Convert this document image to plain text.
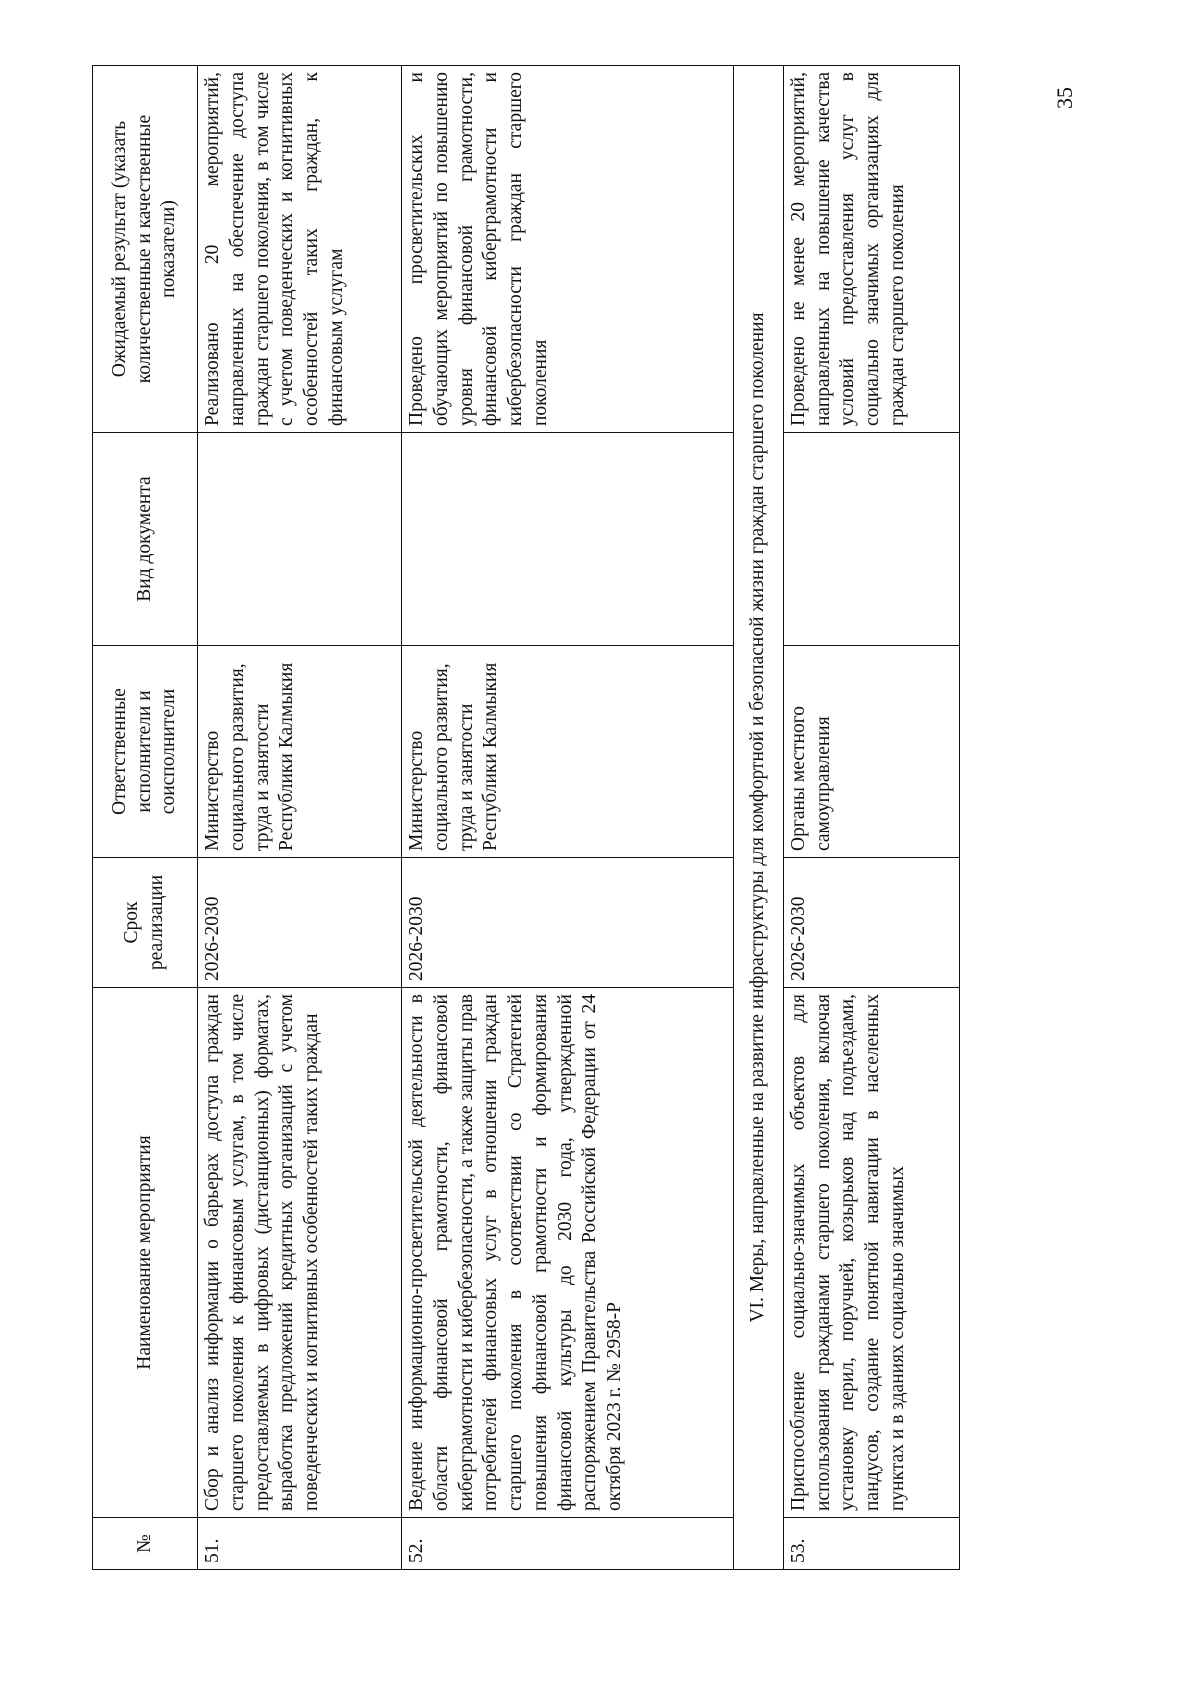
35
№	Наименование мероприятия	Срок реализации	Ответственные исполнители и соисполнители	Вид документа	Ожидаемый результат (указать количественные и качественные показатели)
51.	Сбор и анализ информации о барьерах доступа граждан старшего поколения к финансовым услугам, в том числе предоставляемых в цифровых (дистанционных) форматах, выработка предложений кредитных организаций с учетом поведенческих и когнитивных особенностей таких граждан	2026-2030	Министерство социального развития, труда и занятости Республики Калмыкия		Реализовано 20 мероприятий, направленных на обеспечение доступа граждан старшего поколения, в том числе с учетом поведенческих и когнитивных особенностей таких граждан, к финансовым услугам
52.	Ведение информационно-просветительской деятельности в области финансовой грамотности, финансовой киберграмотности и кибербезопасности, а также защиты прав потребителей финансовых услуг в отношении граждан старшего поколения в соответствии со Стратегией повышения финансовой грамотности и формирования финансовой культуры до 2030 года, утвержденной распоряжением Правительства Российской Федерации от 24 октября 2023 г. № 2958-Р	2026-2030	Министерство социального развития, труда и занятости Республики Калмыкия		Проведено просветительских и обучающих мероприятий по повышению уровня финансовой грамотности, финансовой киберграмотности и кибербезопасности граждан старшего поколения
VI. Меры, направленные на развитие инфраструктуры для комфортной и безопасной жизни граждан старшего поколения					
53.	Приспособление социально-значимых объектов для использования гражданами старшего поколения, включая установку перил, поручней, козырьков над подъездами, пандусов, создание понятной навигации в населенных пунктах и в зданиях социально значимых	2026-2030	Органы местного самоуправления		Проведено не менее 20 мероприятий, направленных на повышение качества условий предоставления услуг в социально значимых организациях для граждан старшего поколения
